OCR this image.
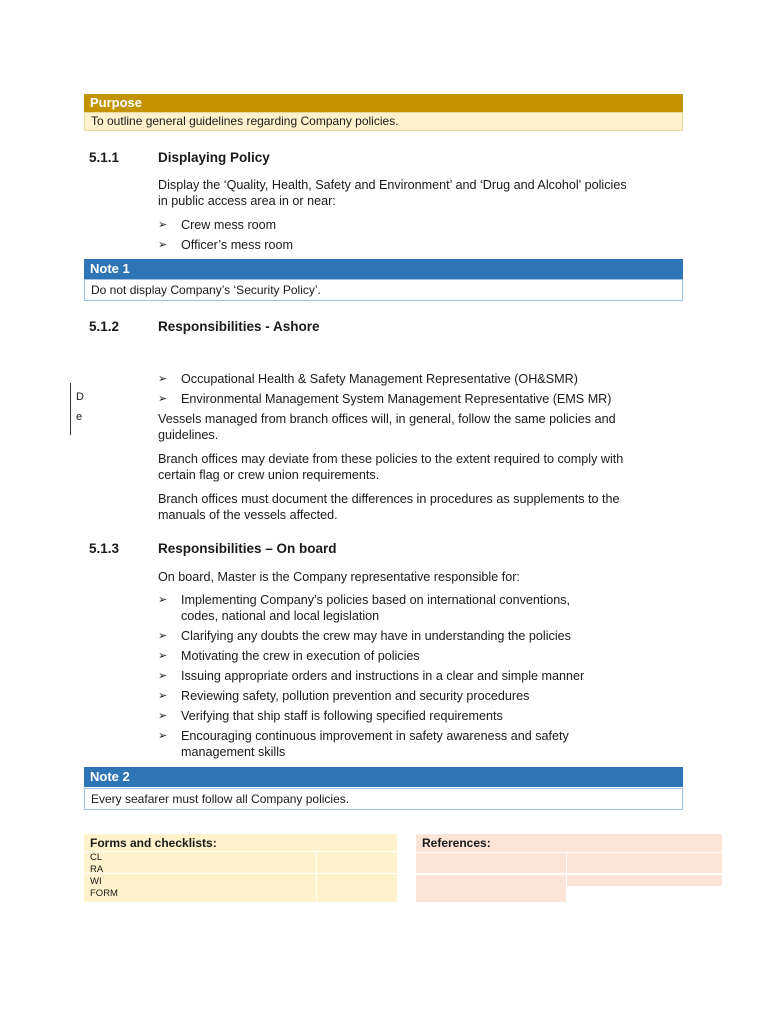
Purpose
To outline general guidelines regarding Company policies.
5.1.1	Displaying Policy
Display the ‘Quality, Health, Safety and Environment’ and ‘Drug and Alcohol' policies
in public access area in or near:
➢ Crew mess room
➢ Officer’s mess room
Note 1
Do not display Company’s ‘Security Policy’.
5.1.2	Responsibilities - Ashore
➢ Occupational Health & Safety Management Representative (OH&SMR)
➢ Environmental Management System Management Representative (EMS MR)
D
e	Vessels managed from branch offices will, in general, follow the same policies and
guidelines.
Branch offices may deviate from these policies to the extent required to comply with
certain flag or crew union requirements.
Branch offices must document the differences in procedures as supplements to the
manuals of the vessels affected.
5.1.3	Responsibilities – On board
On board, Master is the Company representative responsible for:
➢ Implementing Company’s policies based on international conventions,
codes, national and local legislation
➢ Clarifying any doubts the crew may have in understanding the policies
➢ Motivating the crew in execution of policies
➢ Issuing appropriate orders and instructions in a clear and simple manner
➢ Reviewing safety, pollution prevention and security procedures
➢ Verifying that ship staff is following specified requirements
➢ Encouraging continuous improvement in safety awareness and safety
management skills
Note 2
Every seafarer must follow all Company policies.
Forms and checklists:
CL
RA
WI
FORM
References:
